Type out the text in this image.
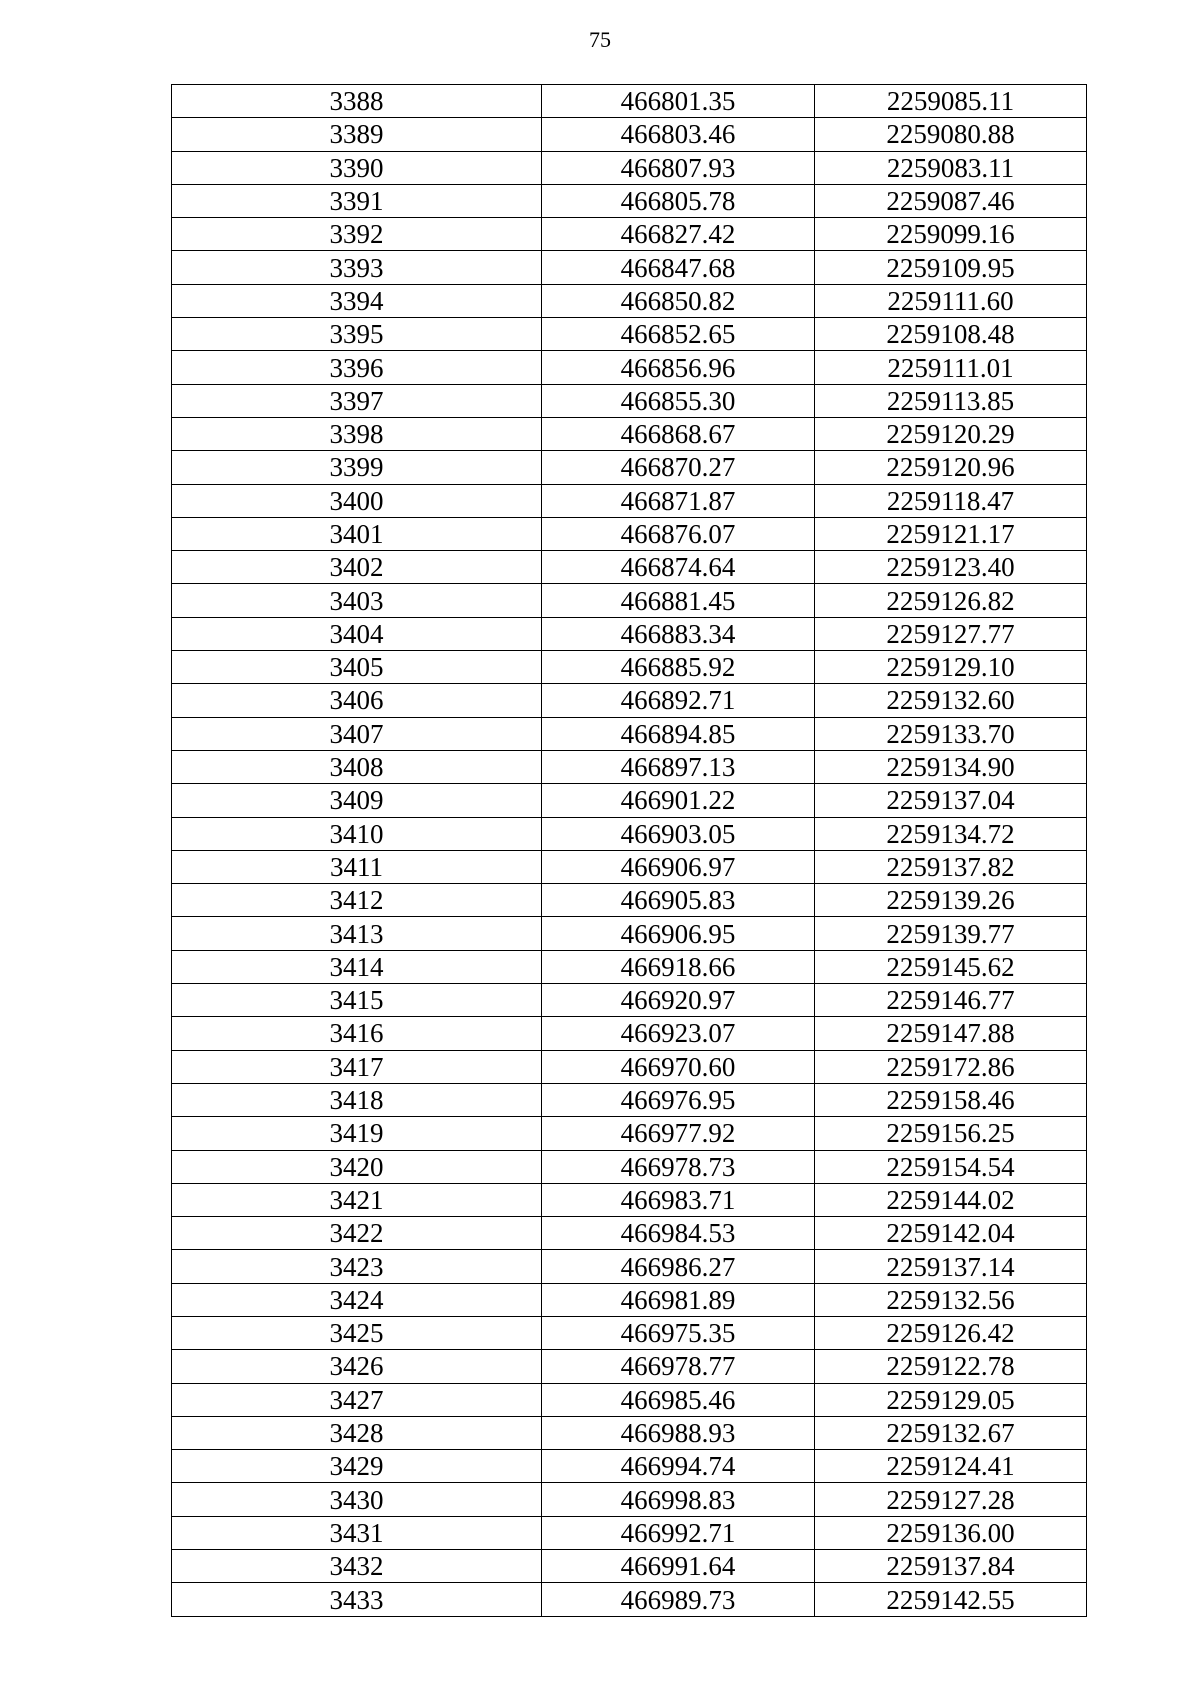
75
3388	466801.35	2259085.11
3389	466803.46	2259080.88
3390	466807.93	2259083.11
3391	466805.78	2259087.46
3392	466827.42	2259099.16
3393	466847.68	2259109.95
3394	466850.82	2259111.60
3395	466852.65	2259108.48
3396	466856.96	2259111.01
3397	466855.30	2259113.85
3398	466868.67	2259120.29
3399	466870.27	2259120.96
3400	466871.87	2259118.47
3401	466876.07	2259121.17
3402	466874.64	2259123.40
3403	466881.45	2259126.82
3404	466883.34	2259127.77
3405	466885.92	2259129.10
3406	466892.71	2259132.60
3407	466894.85	2259133.70
3408	466897.13	2259134.90
3409	466901.22	2259137.04
3410	466903.05	2259134.72
3411	466906.97	2259137.82
3412	466905.83	2259139.26
3413	466906.95	2259139.77
3414	466918.66	2259145.62
3415	466920.97	2259146.77
3416	466923.07	2259147.88
3417	466970.60	2259172.86
3418	466976.95	2259158.46
3419	466977.92	2259156.25
3420	466978.73	2259154.54
3421	466983.71	2259144.02
3422	466984.53	2259142.04
3423	466986.27	2259137.14
3424	466981.89	2259132.56
3425	466975.35	2259126.42
3426	466978.77	2259122.78
3427	466985.46	2259129.05
3428	466988.93	2259132.67
3429	466994.74	2259124.41
3430	466998.83	2259127.28
3431	466992.71	2259136.00
3432	466991.64	2259137.84
3433	466989.73	2259142.55
